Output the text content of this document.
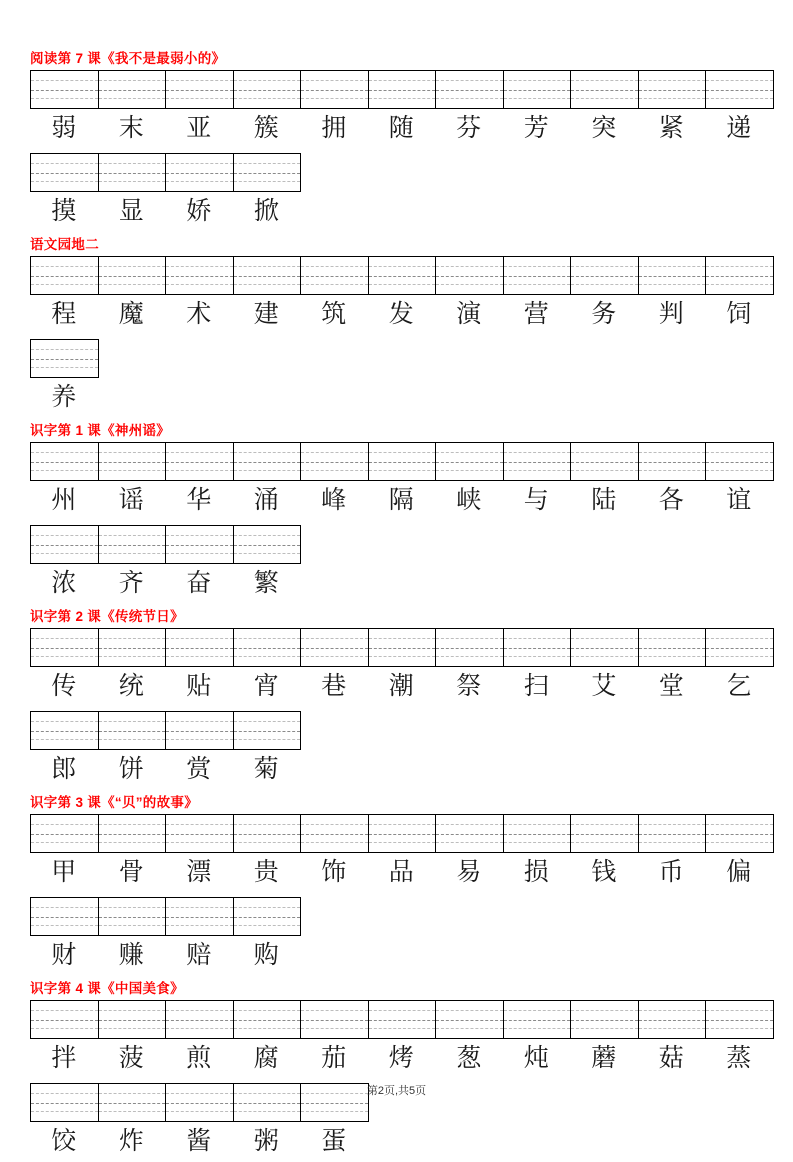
阅读第 7 课《我不是最弱小的》
弱	末	亚	簇	拥	随	芬	芳	突	紧	递
摸	显	娇	掀
语文园地二
程	魔	术	建	筑	发	演	营	务	判	饲
养
识字第 1 课《神州谣》
州	谣	华	涌	峰	隔	峡	与	陆	各	谊
浓	齐	奋	繁
识字第 2 课《传统节日》
传	统	贴	宵	巷	潮	祭	扫	艾	堂	乞
郎	饼	赏	菊
识字第 3 课《“贝”的故事》
甲	骨	漂	贵	饰	品	易	损	钱	币	偏
财	赚	赔	购
识字第 4 课《中国美食》
拌	菠	煎	腐	茄	烤	葱	炖	蘑	菇	蒸
饺	炸	酱	粥	蛋
第2页,共5页
